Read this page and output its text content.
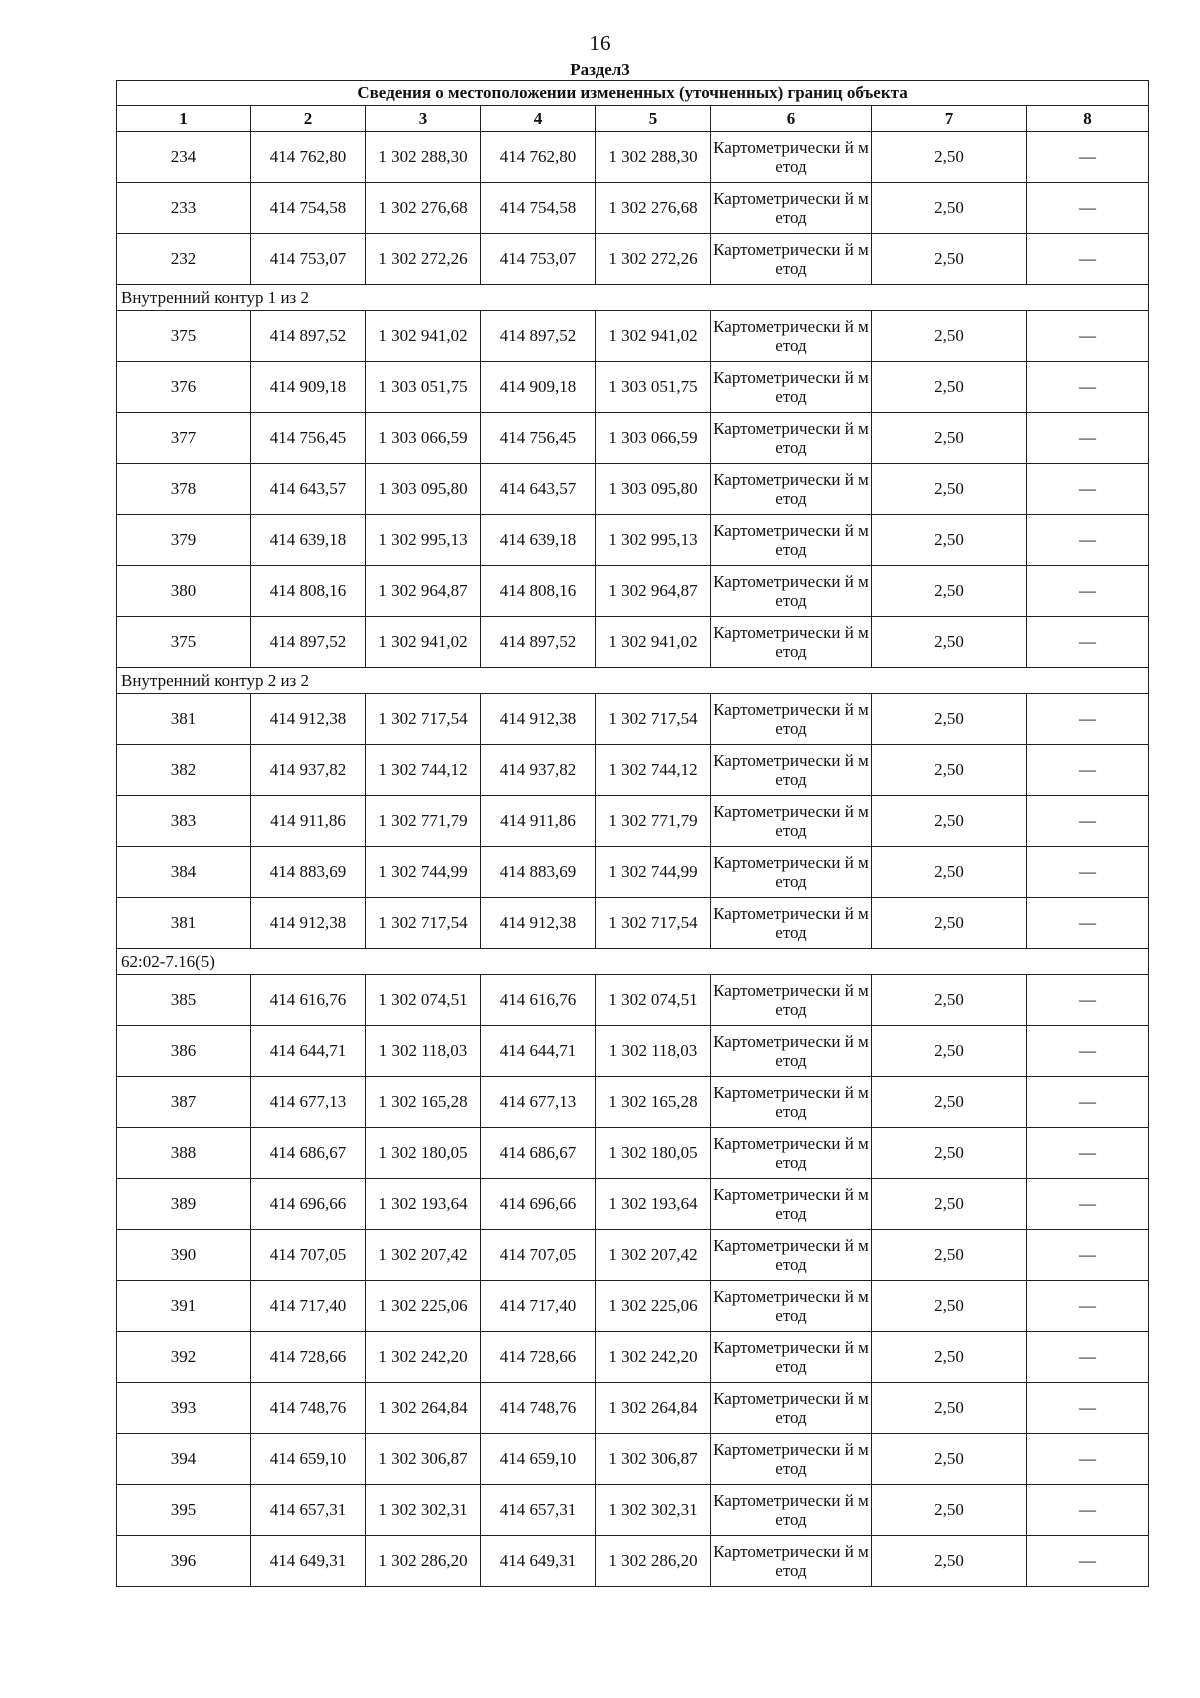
16
Раздел3
Сведения о местоположении измененных (уточненных) границ объекта							
1	2	3	4	5	6	7	8
234	414 762,80	1 302 288,30	414 762,80	1 302 288,30	Картометрически й метод	2,50	—
233	414 754,58	1 302 276,68	414 754,58	1 302 276,68	Картометрически й метод	2,50	—
232	414 753,07	1 302 272,26	414 753,07	1 302 272,26	Картометрически й метод	2,50	—
Внутренний контур 1 из 2							
375	414 897,52	1 302 941,02	414 897,52	1 302 941,02	Картометрически й метод	2,50	—
376	414 909,18	1 303 051,75	414 909,18	1 303 051,75	Картометрически й метод	2,50	—
377	414 756,45	1 303 066,59	414 756,45	1 303 066,59	Картометрически й метод	2,50	—
378	414 643,57	1 303 095,80	414 643,57	1 303 095,80	Картометрически й метод	2,50	—
379	414 639,18	1 302 995,13	414 639,18	1 302 995,13	Картометрически й метод	2,50	—
380	414 808,16	1 302 964,87	414 808,16	1 302 964,87	Картометрически й метод	2,50	—
375	414 897,52	1 302 941,02	414 897,52	1 302 941,02	Картометрически й метод	2,50	—
Внутренний контур 2 из 2							
381	414 912,38	1 302 717,54	414 912,38	1 302 717,54	Картометрически й метод	2,50	—
382	414 937,82	1 302 744,12	414 937,82	1 302 744,12	Картометрически й метод	2,50	—
383	414 911,86	1 302 771,79	414 911,86	1 302 771,79	Картометрически й метод	2,50	—
384	414 883,69	1 302 744,99	414 883,69	1 302 744,99	Картометрически й метод	2,50	—
381	414 912,38	1 302 717,54	414 912,38	1 302 717,54	Картометрически й метод	2,50	—
62:02-7.16(5)							
385	414 616,76	1 302 074,51	414 616,76	1 302 074,51	Картометрически й метод	2,50	—
386	414 644,71	1 302 118,03	414 644,71	1 302 118,03	Картометрически й метод	2,50	—
387	414 677,13	1 302 165,28	414 677,13	1 302 165,28	Картометрически й метод	2,50	—
388	414 686,67	1 302 180,05	414 686,67	1 302 180,05	Картометрически й метод	2,50	—
389	414 696,66	1 302 193,64	414 696,66	1 302 193,64	Картометрически й метод	2,50	—
390	414 707,05	1 302 207,42	414 707,05	1 302 207,42	Картометрически й метод	2,50	—
391	414 717,40	1 302 225,06	414 717,40	1 302 225,06	Картометрически й метод	2,50	—
392	414 728,66	1 302 242,20	414 728,66	1 302 242,20	Картометрически й метод	2,50	—
393	414 748,76	1 302 264,84	414 748,76	1 302 264,84	Картометрически й метод	2,50	—
394	414 659,10	1 302 306,87	414 659,10	1 302 306,87	Картометрически й метод	2,50	—
395	414 657,31	1 302 302,31	414 657,31	1 302 302,31	Картометрически й метод	2,50	—
396	414 649,31	1 302 286,20	414 649,31	1 302 286,20	Картометрически й метод	2,50	—
